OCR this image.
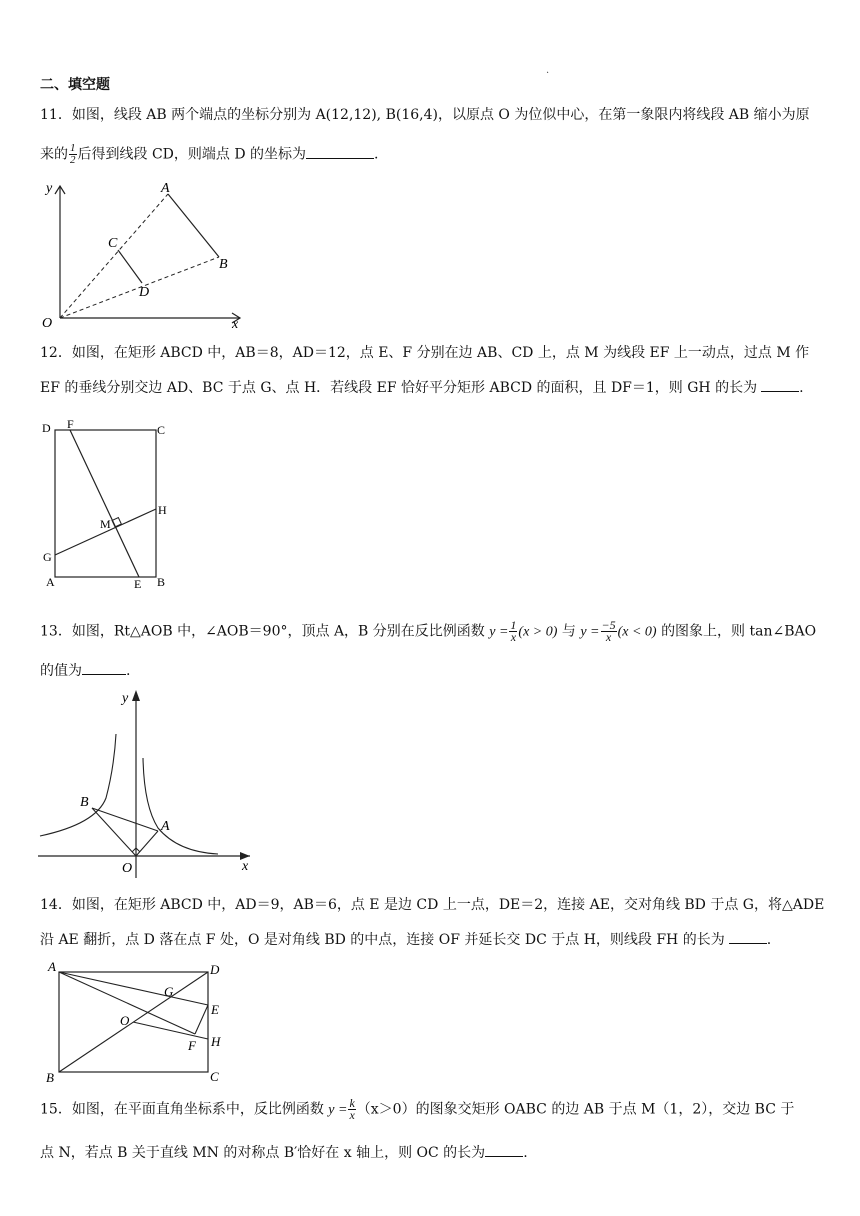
二、填空题
·
11．如图，线段 AB 两个端点的坐标分别为 A(12,12), B(16,4)，以原点 O 为位似中心，在第一象限内将线段 AB 缩小为原
来的 $\frac{1}{2}$ 后得到线段 CD，则端点 D 的坐标为	.
y
x
O
A
B
C
D
12．如图，在矩形 ABCD 中，AB＝8，AD＝12，点 E、F 分别在边 AB、CD 上，点 M 为线段 EF 上一动点，过点 M 作
EF 的垂线分别交边 AD、BC 于点 G、点 H．若线段 EF 恰好平分矩形 ABCD 的面积，且 DF＝1，则 GH 的长为	.
D F	C
H
M
G
A	E B
13．如图，Rt△AOB 中，∠AOB＝90°，顶点 A，B 分别在反比例函数 $y = \frac{1}{x} (x > 0)$ 与 $y = \frac{-5}{x} (x < 0)$ 的图象上，则 tan∠BAO
的值为	.
y
x
O
A
B
14．如图，在矩形 ABCD 中，AD＝9，AB＝6，点 E 是边 CD 上一点，DE＝2，连接 AE，交对角线 BD 于点 G，将△ADE
沿 AE 翻折，点 D 落在点 F 处，O 是对角线 BD 的中点，连接 OF 并延长交 DC 于点 H，则线段 FH 的长为	.
A	D
G
E
O
F H
B	C
15．如图，在平面直角坐标系中，反比例函数 $y = \frac{k}{x} (x>0)$的图象交矩形 OABC 的边 AB 于点 M（1，2），交边 BC 于
点 N，若点 B 关于直线 MN 的对称点 B′恰好在 x 轴上，则 OC 的长为	.
